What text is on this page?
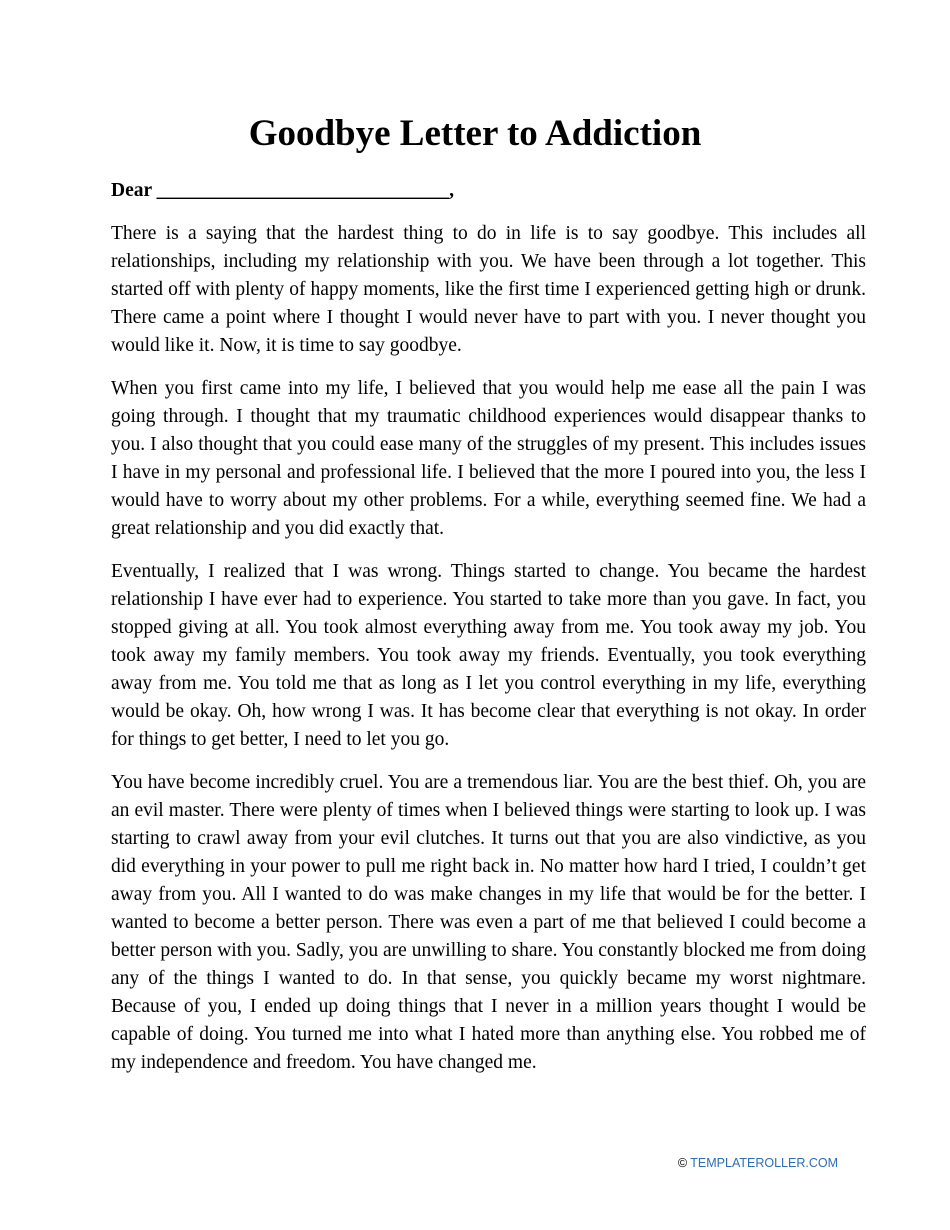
Goodbye Letter to Addiction
Dear ______________________________,

There is a saying that the hardest thing to do in life is to say goodbye. This includes all relationships, including my relationship with you. We have been through a lot together. This started off with plenty of happy moments, like the first time I experienced getting high or drunk. There came a point where I thought I would never have to part with you. I never thought you would like it. Now, it is time to say goodbye.

When you first came into my life, I believed that you would help me ease all the pain I was going through. I thought that my traumatic childhood experiences would disappear thanks to you. I also thought that you could ease many of the struggles of my present. This includes issues I have in my personal and professional life. I believed that the more I poured into you, the less I would have to worry about my other problems. For a while, everything seemed fine. We had a great relationship and you did exactly that.

Eventually, I realized that I was wrong. Things started to change. You became the hardest relationship I have ever had to experience. You started to take more than you gave. In fact, you stopped giving at all. You took almost everything away from me. You took away my job. You took away my family members. You took away my friends. Eventually, you took everything away from me. You told me that as long as I let you control everything in my life, everything would be okay. Oh, how wrong I was. It has become clear that everything is not okay. In order for things to get better, I need to let you go.

You have become incredibly cruel. You are a tremendous liar. You are the best thief. Oh, you are an evil master. There were plenty of times when I believed things were starting to look up. I was starting to crawl away from your evil clutches. It turns out that you are also vindictive, as you did everything in your power to pull me right back in. No matter how hard I tried, I couldn’t get away from you. All I wanted to do was make changes in my life that would be for the better. I wanted to become a better person. There was even a part of me that believed I could become a better person with you. Sadly, you are unwilling to share. You constantly blocked me from doing any of the things I wanted to do. In that sense, you quickly became my worst nightmare. Because of you, I ended up doing things that I never in a million years thought I would be capable of doing. You turned me into what I hated more than anything else. You robbed me of my independence and freedom. You have changed me.

© TEMPLATEROLLER.COM
